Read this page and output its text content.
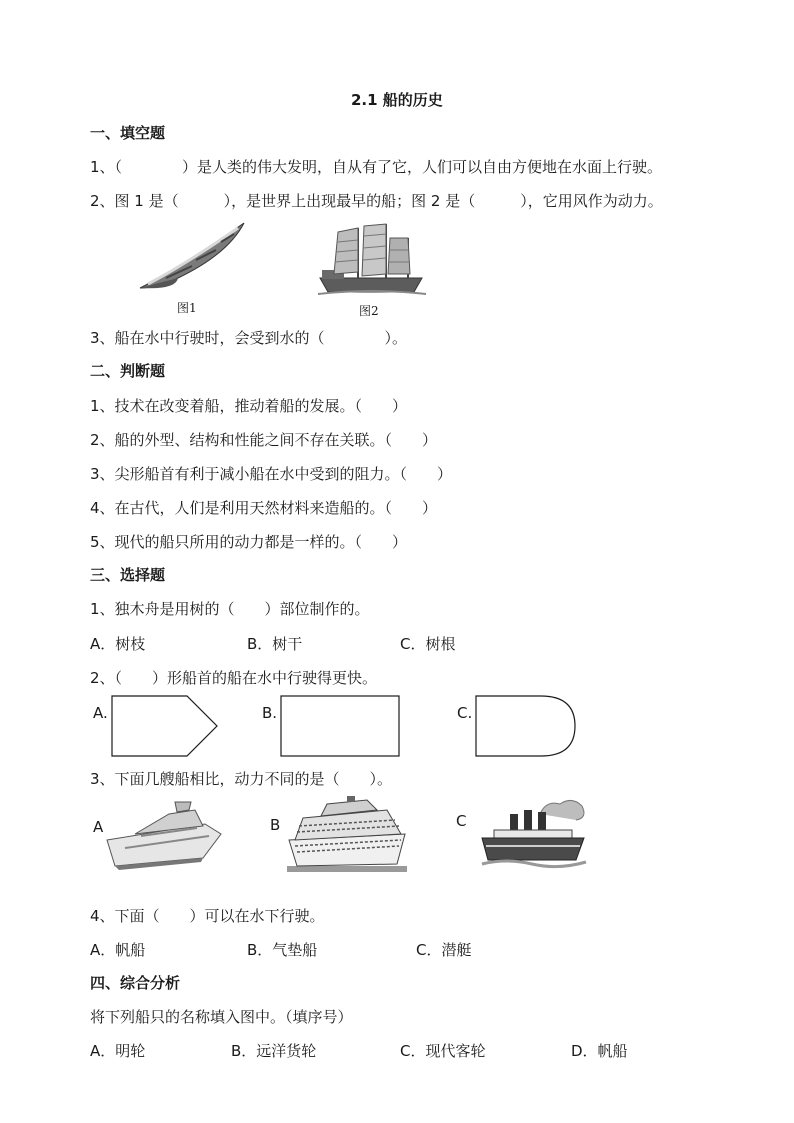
2.1 船的历史
一、填空题
1、（　　　　）是人类的伟大发明，自从有了它，人们可以自由方便地在水面上行驶。
2、图 1 是（　　　），是世界上出现最早的船；图 2 是（　　　），它用风作为动力。
图1	图2
3、船在水中行驶时，会受到水的（　　　　）。
二、判断题
1、技术在改变着船，推动着船的发展。（　　）
2、船的外型、结构和性能之间不存在关联。（　　）
3、尖形船首有利于减小船在水中受到的阻力。（　　）
4、在古代，人们是利用天然材料来造船的。（　　）
5、现代的船只所用的动力都是一样的。（　　）
三、选择题
1、独木舟是用树的（　　）部位制作的。
A．树枝	B．树干	C．树根
2、（　　）形船首的船在水中行驶得更快。
A.	B.	C.
3、下面几艘船相比，动力不同的是（　　）。
A	B	C
4、下面（　　）可以在水下行驶。
A．帆船	B．气垫船	C．潜艇
四、综合分析
将下列船只的名称填入图中。（填序号）
A．明轮	B．远洋货轮	C．现代客轮	D．帆船
